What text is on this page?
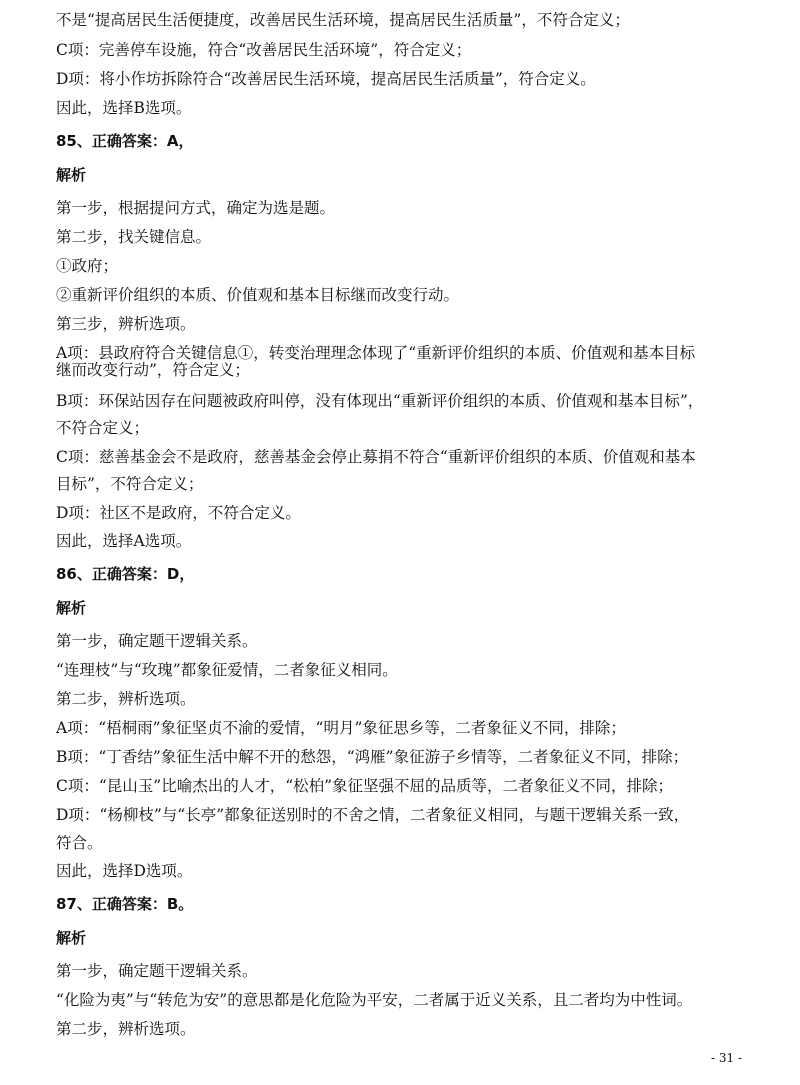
不是“提高居民生活便捷度，改善居民生活环境，提高居民生活质量”，不符合定义；
C项：完善停车设施，符合“改善居民生活环境”，符合定义；
D项：将小作坊拆除符合“改善居民生活环境，提高居民生活质量”，符合定义。
因此，选择B选项。
85、正确答案：A，
解析
第一步，根据提问方式，确定为选是题。
第二步，找关键信息。
①政府；
②重新评价组织的本质、价值观和基本目标继而改变行动。
第三步，辨析选项。
A项：县政府符合关键信息①，转变治理理念体现了“重新评价组织的本质、价值观和基本目标
继而改变行动”，符合定义；
B项：环保站因存在问题被政府叫停，没有体现出“重新评价组织的本质、价值观和基本目标”，
不符合定义；
C项：慈善基金会不是政府，慈善基金会停止募捐不符合“重新评价组织的本质、价值观和基本
目标”，不符合定义；
D项：社区不是政府，不符合定义。
因此，选择A选项。
86、正确答案：D，
解析
第一步，确定题干逻辑关系。
“连理枝”与“玫瑰”都象征爱情，二者象征义相同。
第二步，辨析选项。
A项：“梧桐雨”象征坚贞不渝的爱情，“明月”象征思乡等，二者象征义不同，排除；
B项：“丁香结”象征生活中解不开的愁怨，“鸿雁”象征游子乡情等，二者象征义不同，排除；
C项：“昆山玉”比喻杰出的人才，“松柏”象征坚强不屈的品质等，二者象征义不同，排除；
D项：“杨柳枝”与“长亭”都象征送别时的不舍之情，二者象征义相同，与题干逻辑关系一致，
符合。
因此，选择D选项。
87、正确答案：B。
解析
第一步，确定题干逻辑关系。
“化险为夷”与“转危为安”的意思都是化危险为平安，二者属于近义关系，且二者均为中性词。
第二步，辨析选项。
- 31 -
